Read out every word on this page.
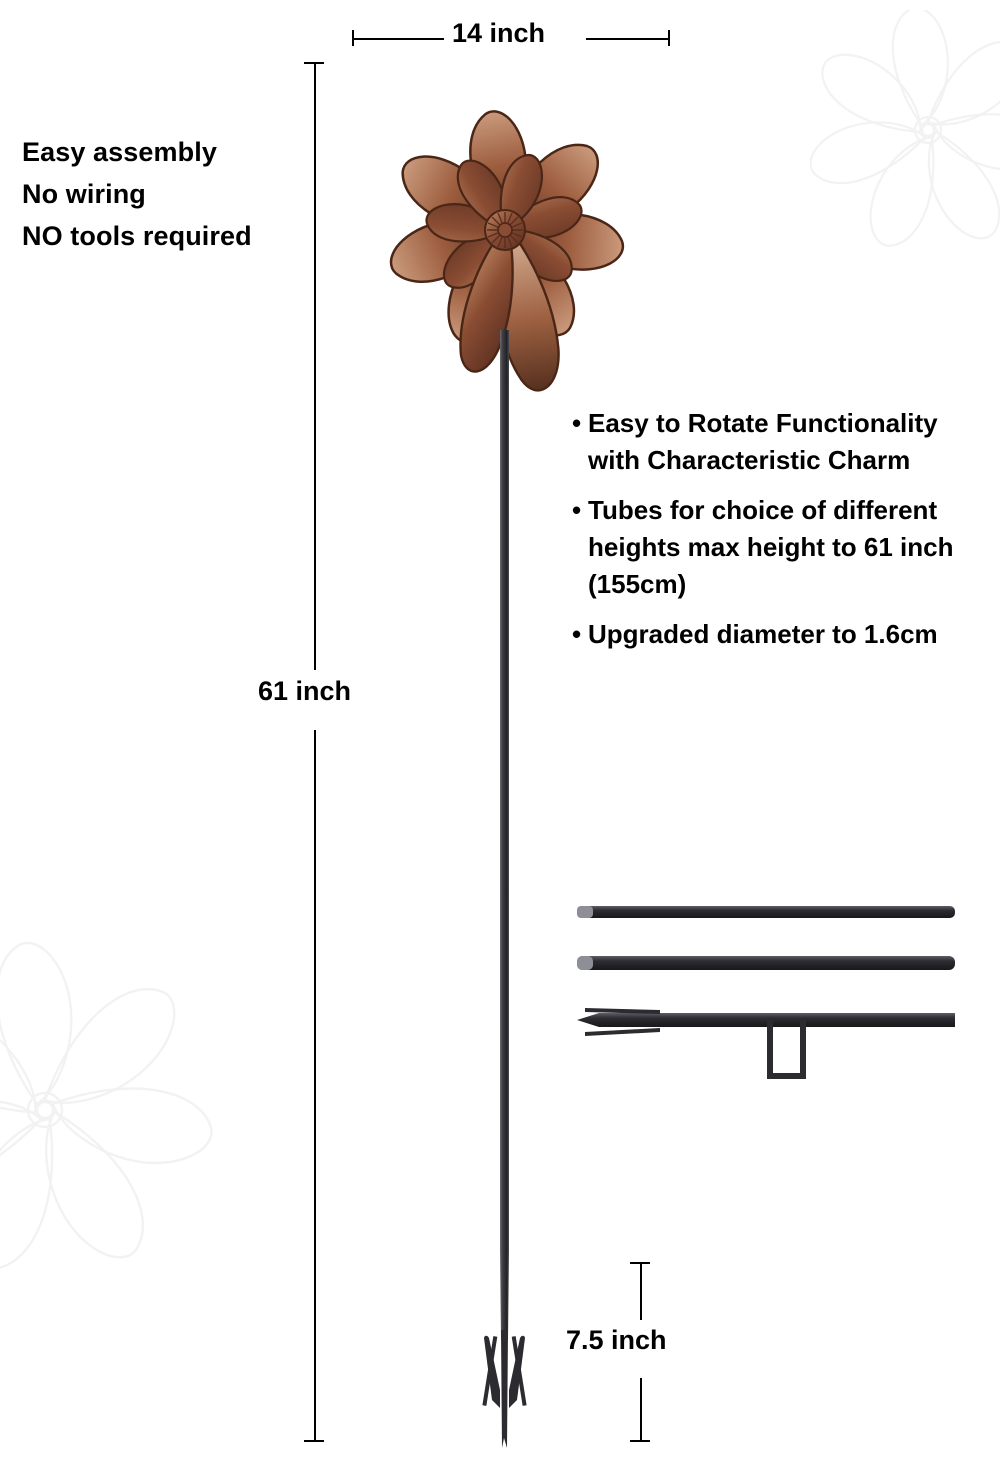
14 inch
61 inch
7.5 inch
Easy assembly
No wiring
NO tools required
• Easy to Rotate Functionality with Characteristic Charm
• Tubes for choice of different heights max height to 61 inch (155cm)
• Upgraded diameter to 1.6cm
